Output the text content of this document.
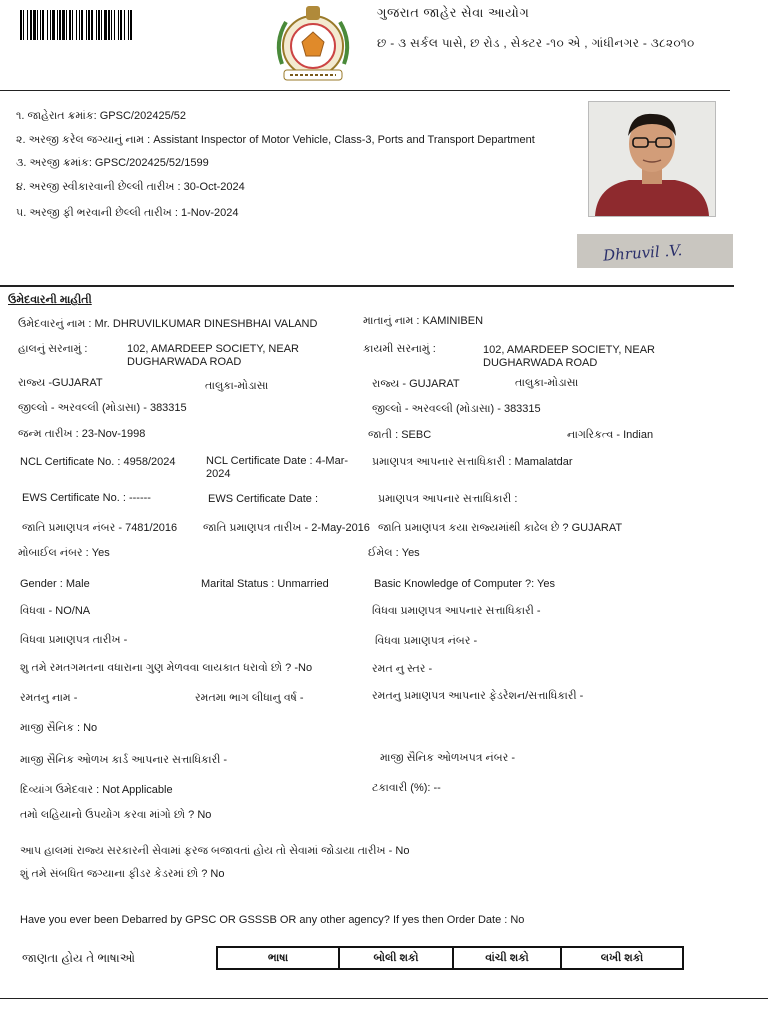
ગુજરાત જાહેર સેવા આયોગ
છ - ૩ સર્કલ પાસે, છ રોડ , સેક્ટર -૧૦ એ , ગાંધીનગર - ૩૮૨૦૧૦
૧. જાહેરાત ક્રમાંક: GPSC/202425/52
૨. અરજી કરેલ જગ્યાનું નામ : Assistant Inspector of Motor Vehicle, Class-3, Ports and Transport Department
૩. અરજી ક્રમાંક: GPSC/202425/52/1599
૪. અરજી સ્વીકારવાની છેલ્લી તારીખ : 30-Oct-2024
૫. અરજી ફી ભરવાની છેલ્લી તારીખ : 1-Nov-2024
Dhruvil .V.
ઉમેદવારની માહીતી
ઉમેદવારનું નામ : Mr. DHRUVILKUMAR DINESHBHAI VALAND	માતાનું નામ : KAMINIBEN
હાલનું સરનામું :	102, AMARDEEP SOCIETY, NEAR
DUGHARWADA ROAD
કાયમી સરનામું :	102, AMARDEEP SOCIETY, NEAR
DUGHARWADA ROAD
રાજ્ય -GUJARAT	તાલુકા-મોડાસા	રાજ્ય - GUJARAT	તાલુકા-મોડાસા
જીલ્લો - અરવલ્લી (મોડાસા) - 383315	જીલ્લો - અરવલ્લી (મોડાસા) - 383315
જન્મ તારીખ : 23-Nov-1998	જાતી : SEBC	નાગરિકત્વ - Indian
NCL Certificate No. : 4958/2024	NCL Certificate Date : 4-Mar-
2024
પ્રમાણપત્ર આપનાર સત્તાધિકારી : Mamalatdar
EWS Certificate No. : ------	EWS Certificate Date :	પ્રમાણપત્ર આપનાર સત્તાધિકારી :
જાતિ પ્રમાણપત્ર નંબર - 7481/2016 જાતિ પ્રમાણપત્ર તારીખ - 2-May-2016 જાતિ પ્રમાણપત્ર કયા રાજ્યમાંથી કાઢેલ છે ? GUJARAT
મોબાઈલ નંબર : Yes	ઈમેલ : Yes
Gender : Male	Marital Status : Unmarried	Basic Knowledge of Computer ?: Yes
વિધવા - NO/NA	વિધવા પ્રમાણપત્ર આપનાર સત્તાધિકારી -
વિધવા પ્રમાણપત્ર તારીખ -	વિધવા પ્રમાણપત્ર નંબર -
શુ તમે રમતગમતના વધારાના ગુણ મેળવવા લાયકાત ધરાવો છો ? -No	રમત નુ સ્તર -
રમતનુ નામ -	રમતમા ભાગ લીધાનુ વર્ષ -	રમતનુ પ્રમાણપત્ર આપનાર ફેડરેશન/સત્તાધિકારી -
માજી સૈનિક : No
માજી સૈનિક ઓળખ કાર્ડ આપનાર સત્તાધિકારી -	માજી સૈનિક ઓળખપત્ર નંબર -
દિવ્યાંગ ઉમેદવાર : Not Applicable	ટકાવારી (%): --
તમો લહિયાનો ઉપયોગ કરવા માંગો છો ? No
આપ હાલમાં રાજ્ય સરકારની સેવામાં ફરજ બજાવતાં હોય તો સેવામાં જોડાયા તારીખ - No
શું તમે સંબધિત જગ્યાના ફીડર કેડરમાં છો ? No
Have you ever been Debarred by GPSC OR GSSSB OR any other agency? If yes then Order Date : No
જાણતા હોય તે ભાષાઓ	ભાષા	બોલી શકો	વાંચી શકો	લખી શકો
